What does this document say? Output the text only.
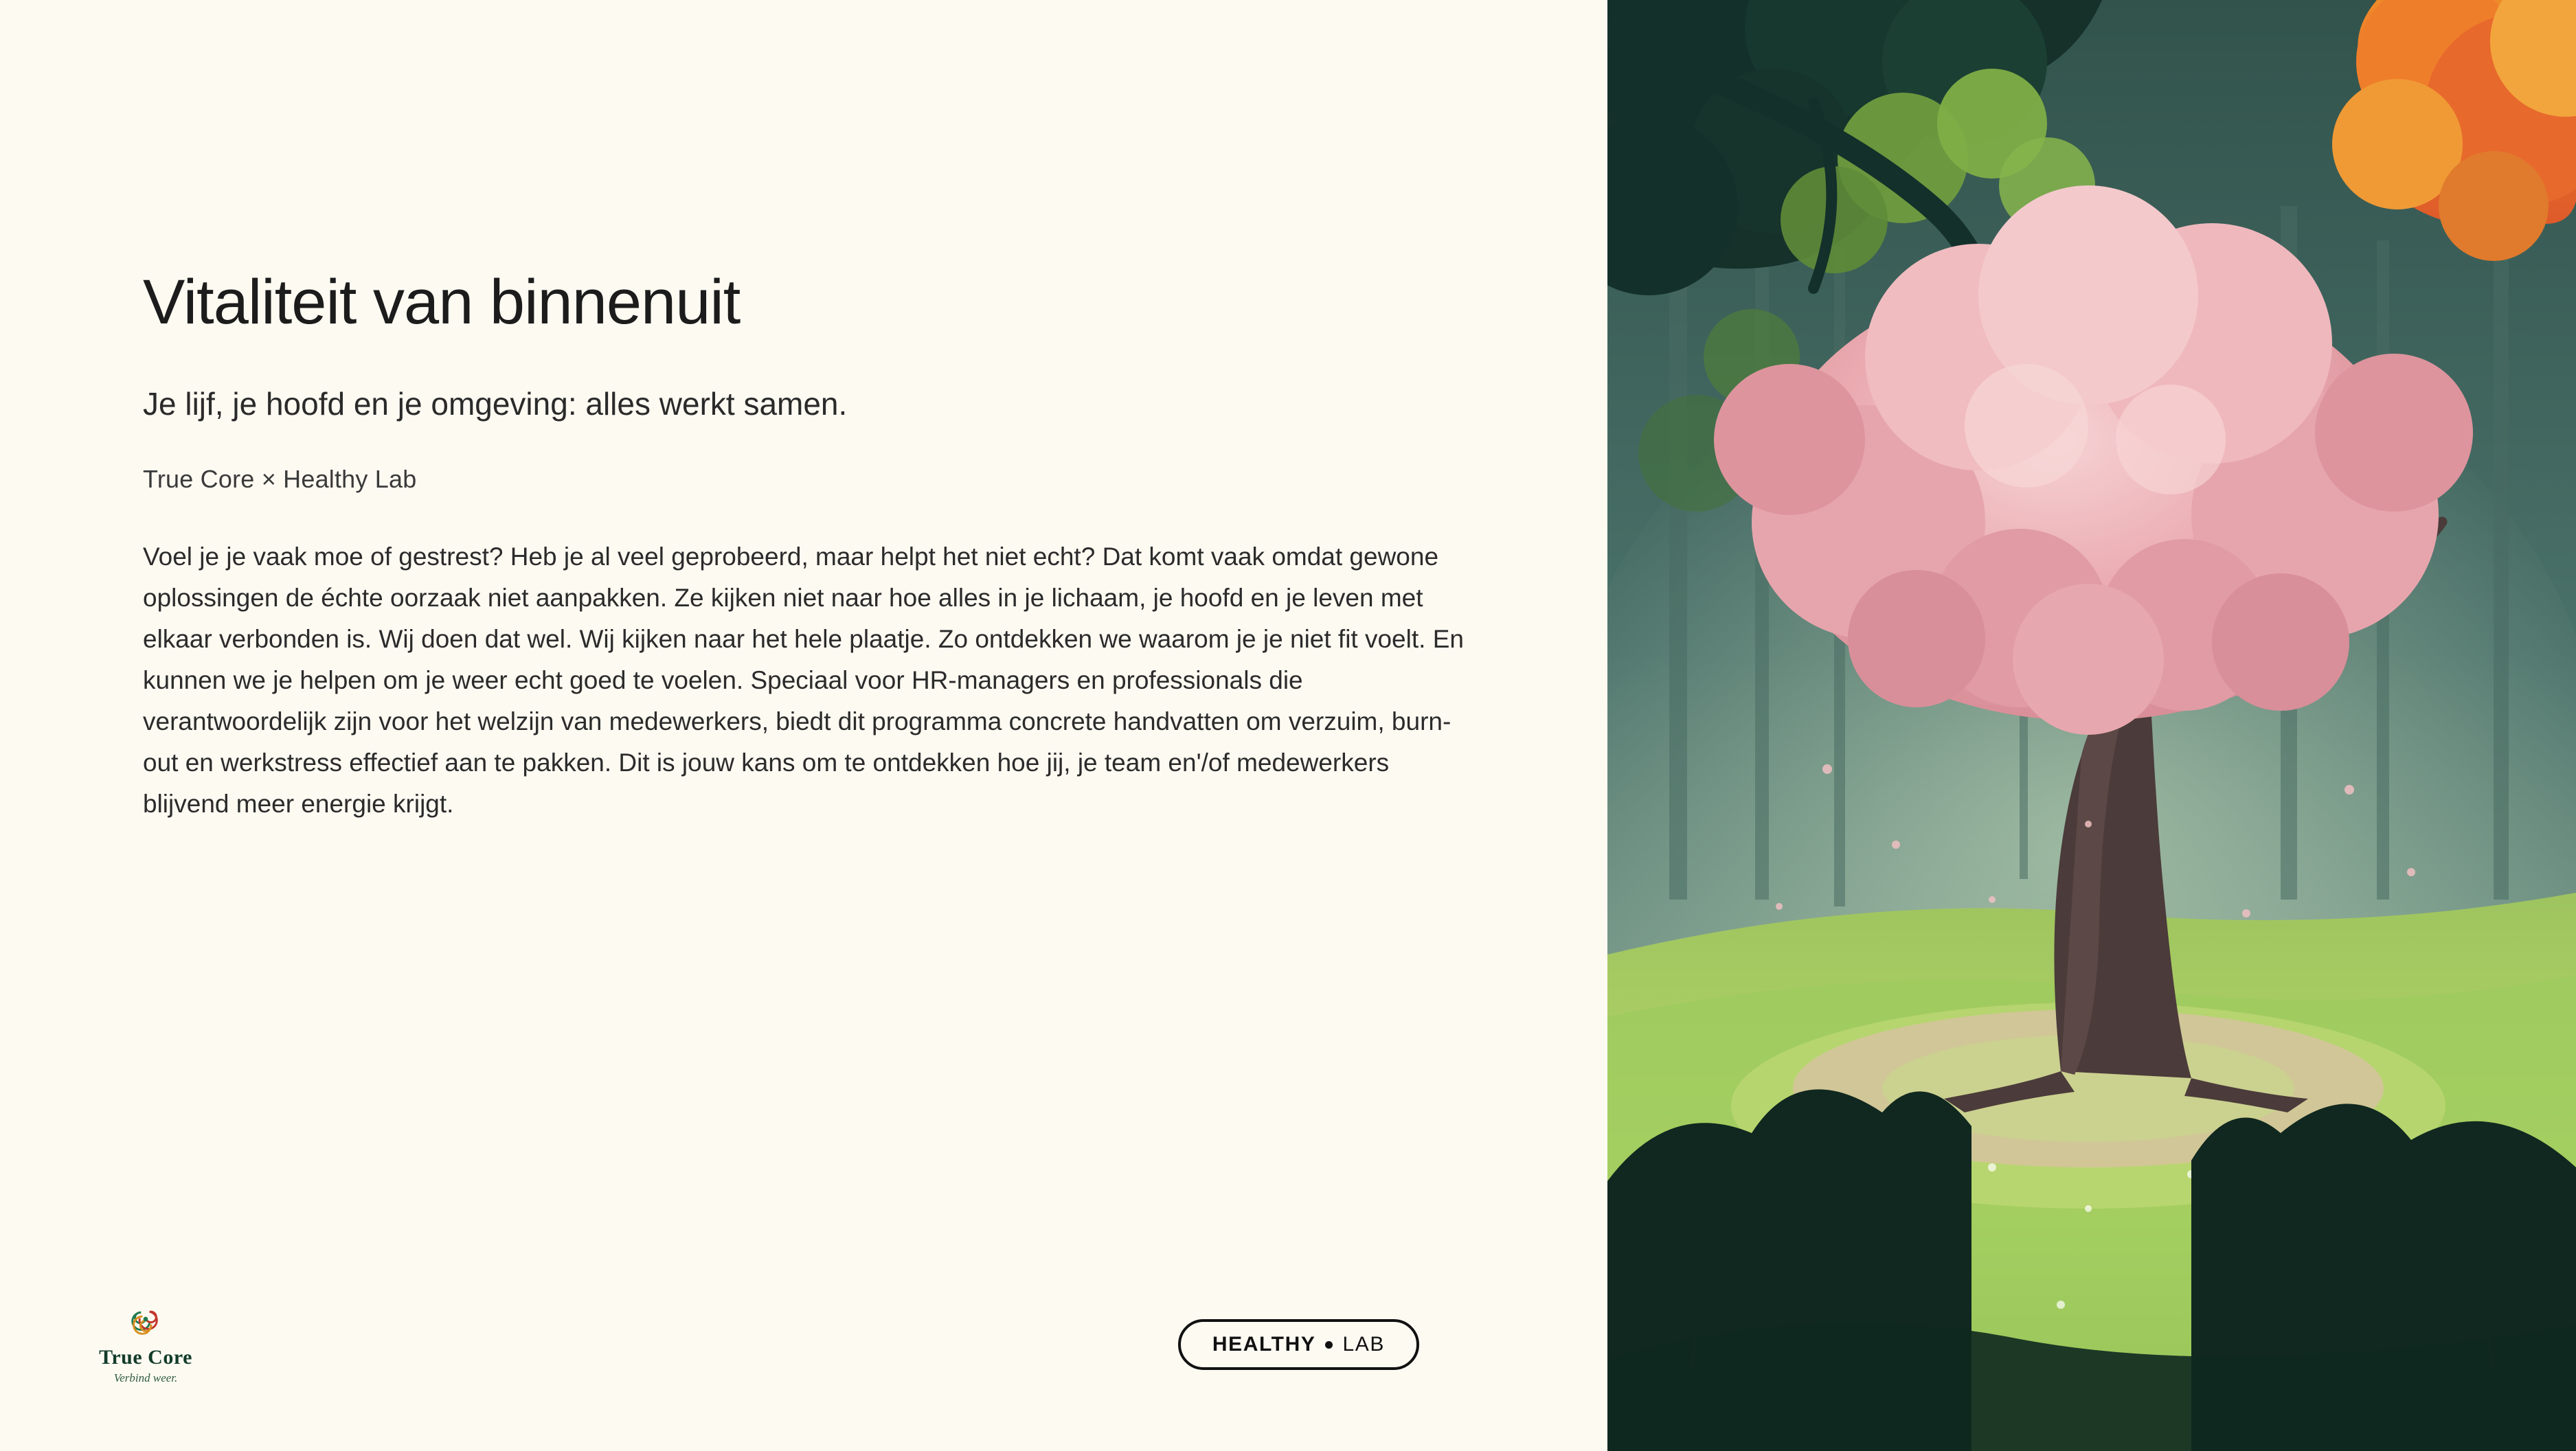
Vitaliteit van binnenuit

Je lijf, je hoofd en je omgeving: alles werkt samen.

True Core × Healthy Lab

Voel je je vaak moe of gestrest? Heb je al veel geprobeerd, maar helpt het niet echt? Dat komt vaak omdat gewone oplossingen de échte oorzaak niet aanpakken. Ze kijken niet naar hoe alles in je lichaam, je hoofd en je leven met elkaar verbonden is. Wij doen dat wel. Wij kijken naar het hele plaatje. Zo ontdekken we waarom je je niet fit voelt. En kunnen we je helpen om je weer echt goed te voelen. Speciaal voor HR-managers en professionals die verantwoordelijk zijn voor het welzijn van medewerkers, biedt dit programma concrete handvatten om verzuim, burn-out en werkstress effectief aan te pakken. Dit is jouw kans om te ontdekken hoe jij, je team en'/of medewerkers blijvend meer energie krijgt.

True Core
Verbind weer.
HEALTHY LAB
